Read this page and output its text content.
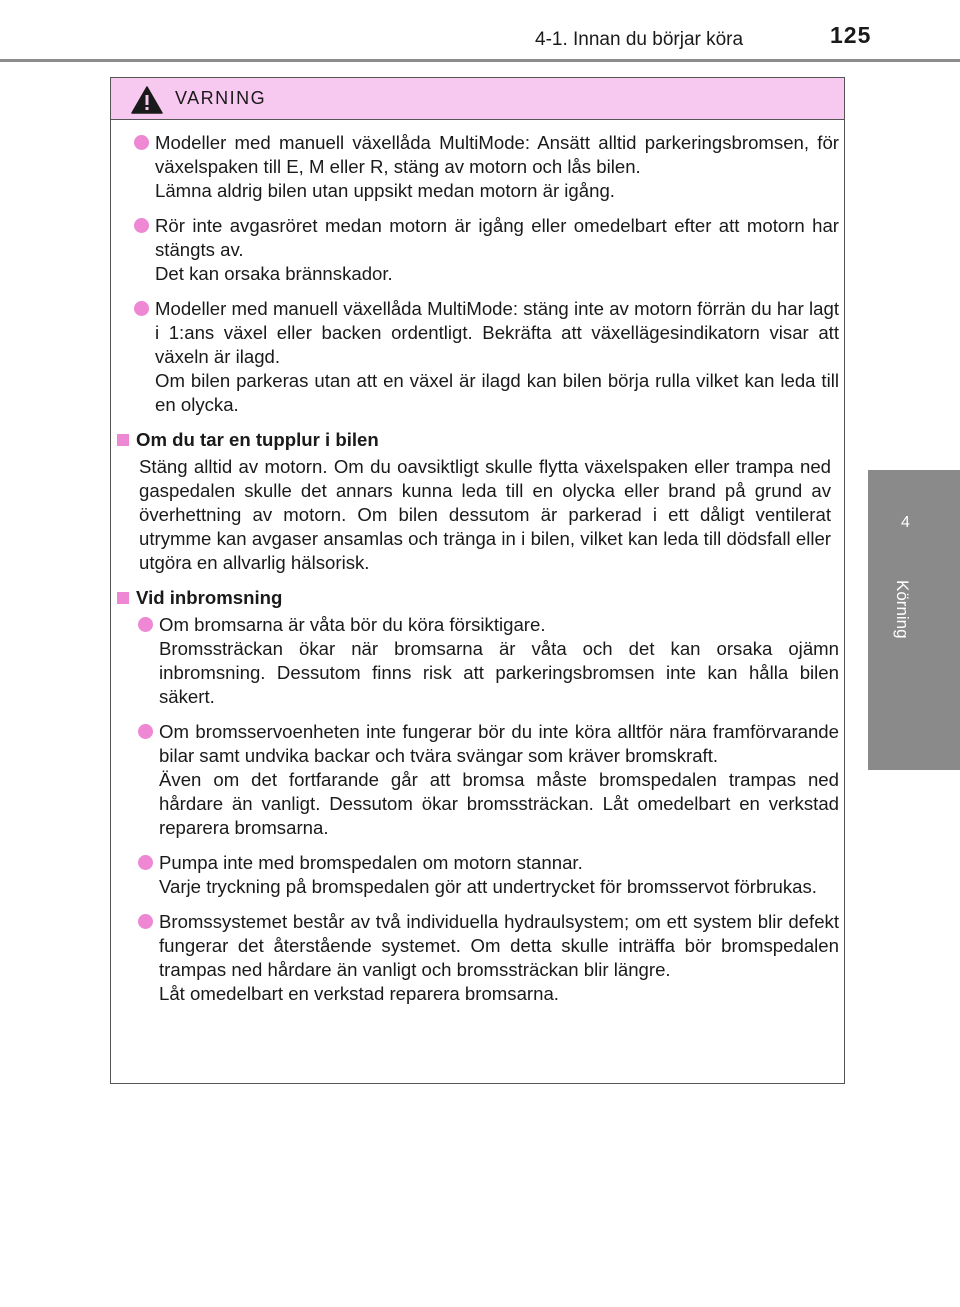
4-1. Innan du börjar köra	125
4
Körning
VARNING

Modeller med manuell växellåda MultiMode: Ansätt alltid parkeringsbromsen, för växelspaken till E, M eller R, stäng av motorn och lås bilen.

Lämna aldrig bilen utan uppsikt medan motorn är igång.

Rör inte avgasröret medan motorn är igång eller omedelbart efter att motorn har stängts av.

Det kan orsaka brännskador.

Modeller med manuell växellåda MultiMode: stäng inte av motorn förrän du har lagt i 1:ans växel eller backen ordentligt. Bekräfta att växellägesindikatorn visar att växeln är ilagd.

Om bilen parkeras utan att en växel är ilagd kan bilen börja rulla vilket kan leda till en olycka.

Om du tar en tupplur i bilen

Stäng alltid av motorn. Om du oavsiktligt skulle flytta växelspaken eller trampa ned gaspedalen skulle det annars kunna leda till en olycka eller brand på grund av överhettning av motorn. Om bilen dessutom är parkerad i ett dåligt ventilerat utrymme kan avgaser ansamlas och tränga in i bilen, vilket kan leda till dödsfall eller utgöra en allvarlig hälsorisk.

Vid inbromsning

Om bromsarna är våta bör du köra försiktigare.

Bromssträckan ökar när bromsarna är våta och det kan orsaka ojämn inbromsning. Dessutom finns risk att parkeringsbromsen inte kan hålla bilen säkert.

Om bromsservoenheten inte fungerar bör du inte köra alltför nära framförvarande bilar samt undvika backar och tvära svängar som kräver bromskraft.

Även om det fortfarande går att bromsa måste bromspedalen trampas ned hårdare än vanligt. Dessutom ökar bromssträckan. Låt omedelbart en verkstad reparera bromsarna.

Pumpa inte med bromspedalen om motorn stannar.

Varje tryckning på bromspedalen gör att undertrycket för bromsservot förbrukas.

Bromssystemet består av två individuella hydraulsystem; om ett system blir defekt fungerar det återstående systemet. Om detta skulle inträffa bör bromspedalen trampas ned hårdare än vanligt och bromssträckan blir längre.

Låt omedelbart en verkstad reparera bromsarna.
